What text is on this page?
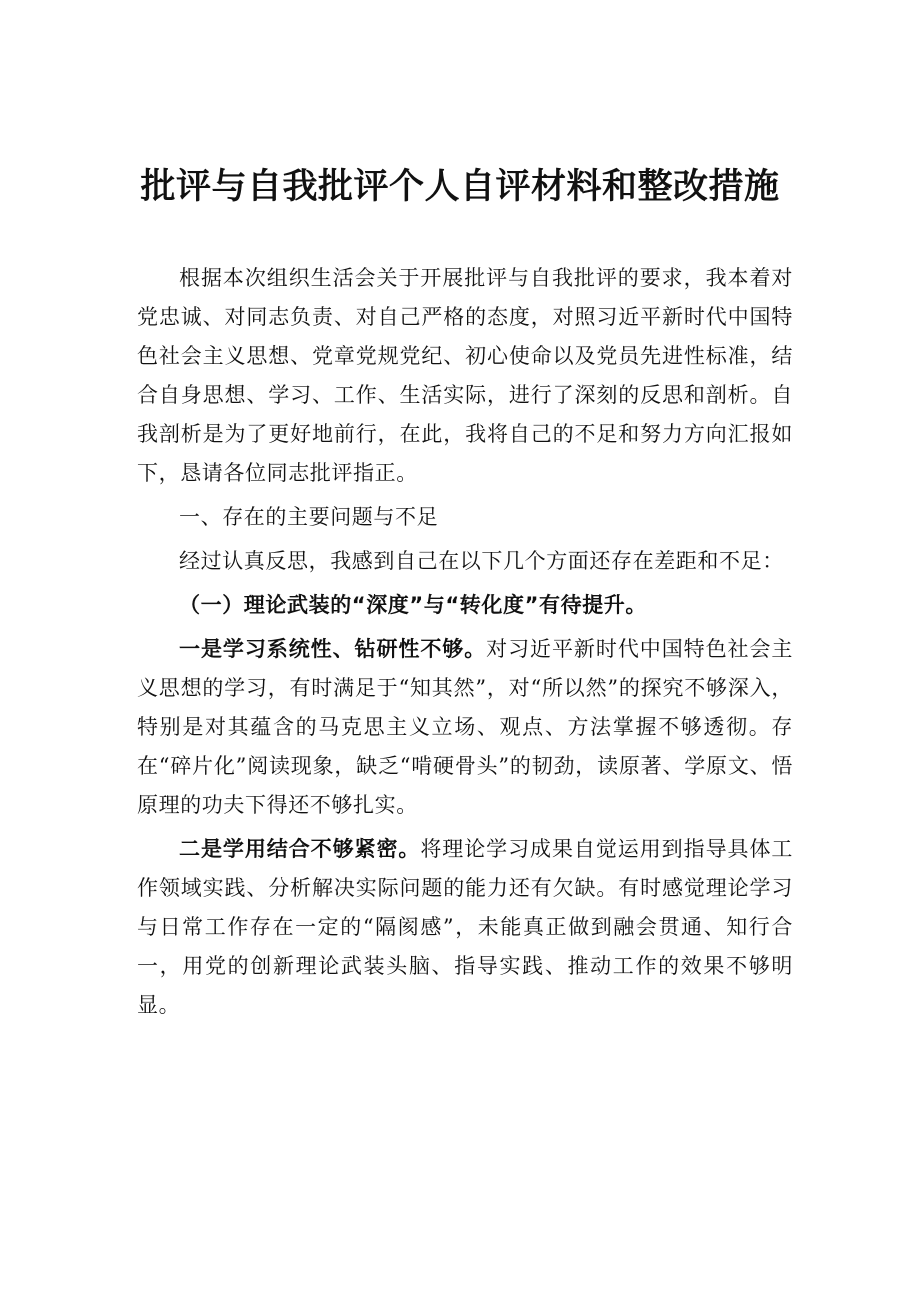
批评与自我批评个人自评材料和整改措施

根据本次组织生活会关于开展批评与自我批评的要求，我本着对党忠诚、对同志负责、对自己严格的态度，对照习近平新时代中国特色社会主义思想、党章党规党纪、初心使命以及党员先进性标准，结合自身思想、学习、工作、生活实际，进行了深刻的反思和剖析。自我剖析是为了更好地前行，在此，我将自己的不足和努力方向汇报如下，恳请各位同志批评指正。

一、存在的主要问题与不足

经过认真反思，我感到自己在以下几个方面还存在差距和不足：

（一）理论武装的“深度”与“转化度”有待提升。

一是学习系统性、钻研性不够。对习近平新时代中国特色社会主义思想的学习，有时满足于“知其然”，对“所以然”的探究不够深入，特别是对其蕴含的马克思主义立场、观点、方法掌握不够透彻。存在“碎片化”阅读现象，缺乏“啃硬骨头”的韧劲，读原著、学原文、悟原理的功夫下得还不够扎实。

二是学用结合不够紧密。将理论学习成果自觉运用到指导具体工作领域实践、分析解决实际问题的能力还有欠缺。有时感觉理论学习与日常工作存在一定的“隔阂感”，未能真正做到融会贯通、知行合一，用党的创新理论武装头脑、指导实践、推动工作的效果不够明显。
